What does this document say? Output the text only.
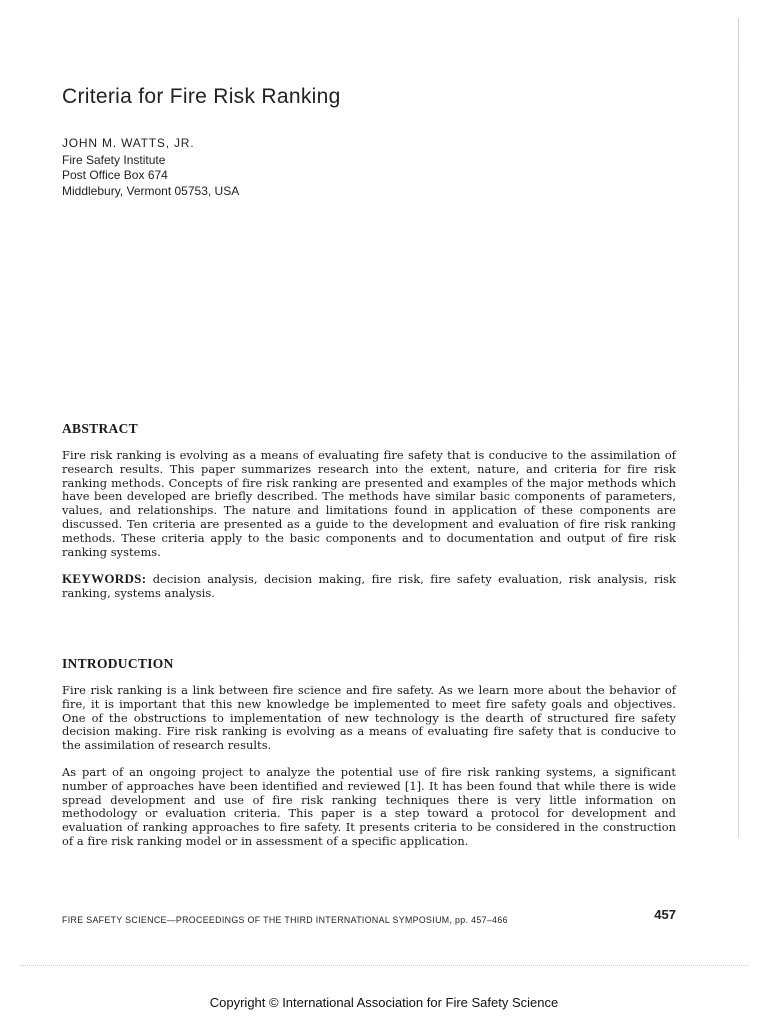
Criteria for Fire Risk Ranking
JOHN M. WATTS, JR.
Fire Safety Institute
Post Office Box 674
Middlebury, Vermont 05753, USA
ABSTRACT

Fire risk ranking is evolving as a means of evaluating fire safety that is conducive to the assimilation of research results. This paper summarizes research into the extent, nature, and criteria for fire risk ranking methods. Concepts of fire risk ranking are presented and examples of the major methods which have been developed are briefly described. The methods have similar basic components of parameters, values, and relationships. The nature and limitations found in application of these components are discussed. Ten criteria are presented as a guide to the development and evaluation of fire risk ranking methods. These criteria apply to the basic components and to documentation and output of fire risk ranking systems.

KEYWORDS: decision analysis, decision making, fire risk, fire safety evaluation, risk analysis, risk ranking, systems analysis.

INTRODUCTION

Fire risk ranking is a link between fire science and fire safety. As we learn more about the behavior of fire, it is important that this new knowledge be implemented to meet fire safety goals and objectives. One of the obstructions to implementation of new technology is the dearth of structured fire safety decision making. Fire risk ranking is evolving as a means of evaluating fire safety that is conducive to the assimilation of research results.

As part of an ongoing project to analyze the potential use of fire risk ranking systems, a significant number of approaches have been identified and reviewed [1]. It has been found that while there is wide spread development and use of fire risk ranking techniques there is very little information on methodology or evaluation criteria. This paper is a step toward a protocol for development and evaluation of ranking approaches to fire safety. It presents criteria to be considered in the construction of a fire risk ranking model or in assessment of a specific application.

FIRE SAFETY SCIENCE—PROCEEDINGS OF THE THIRD INTERNATIONAL SYMPOSIUM, pp. 457–466	457
Copyright © International Association for Fire Safety Science
